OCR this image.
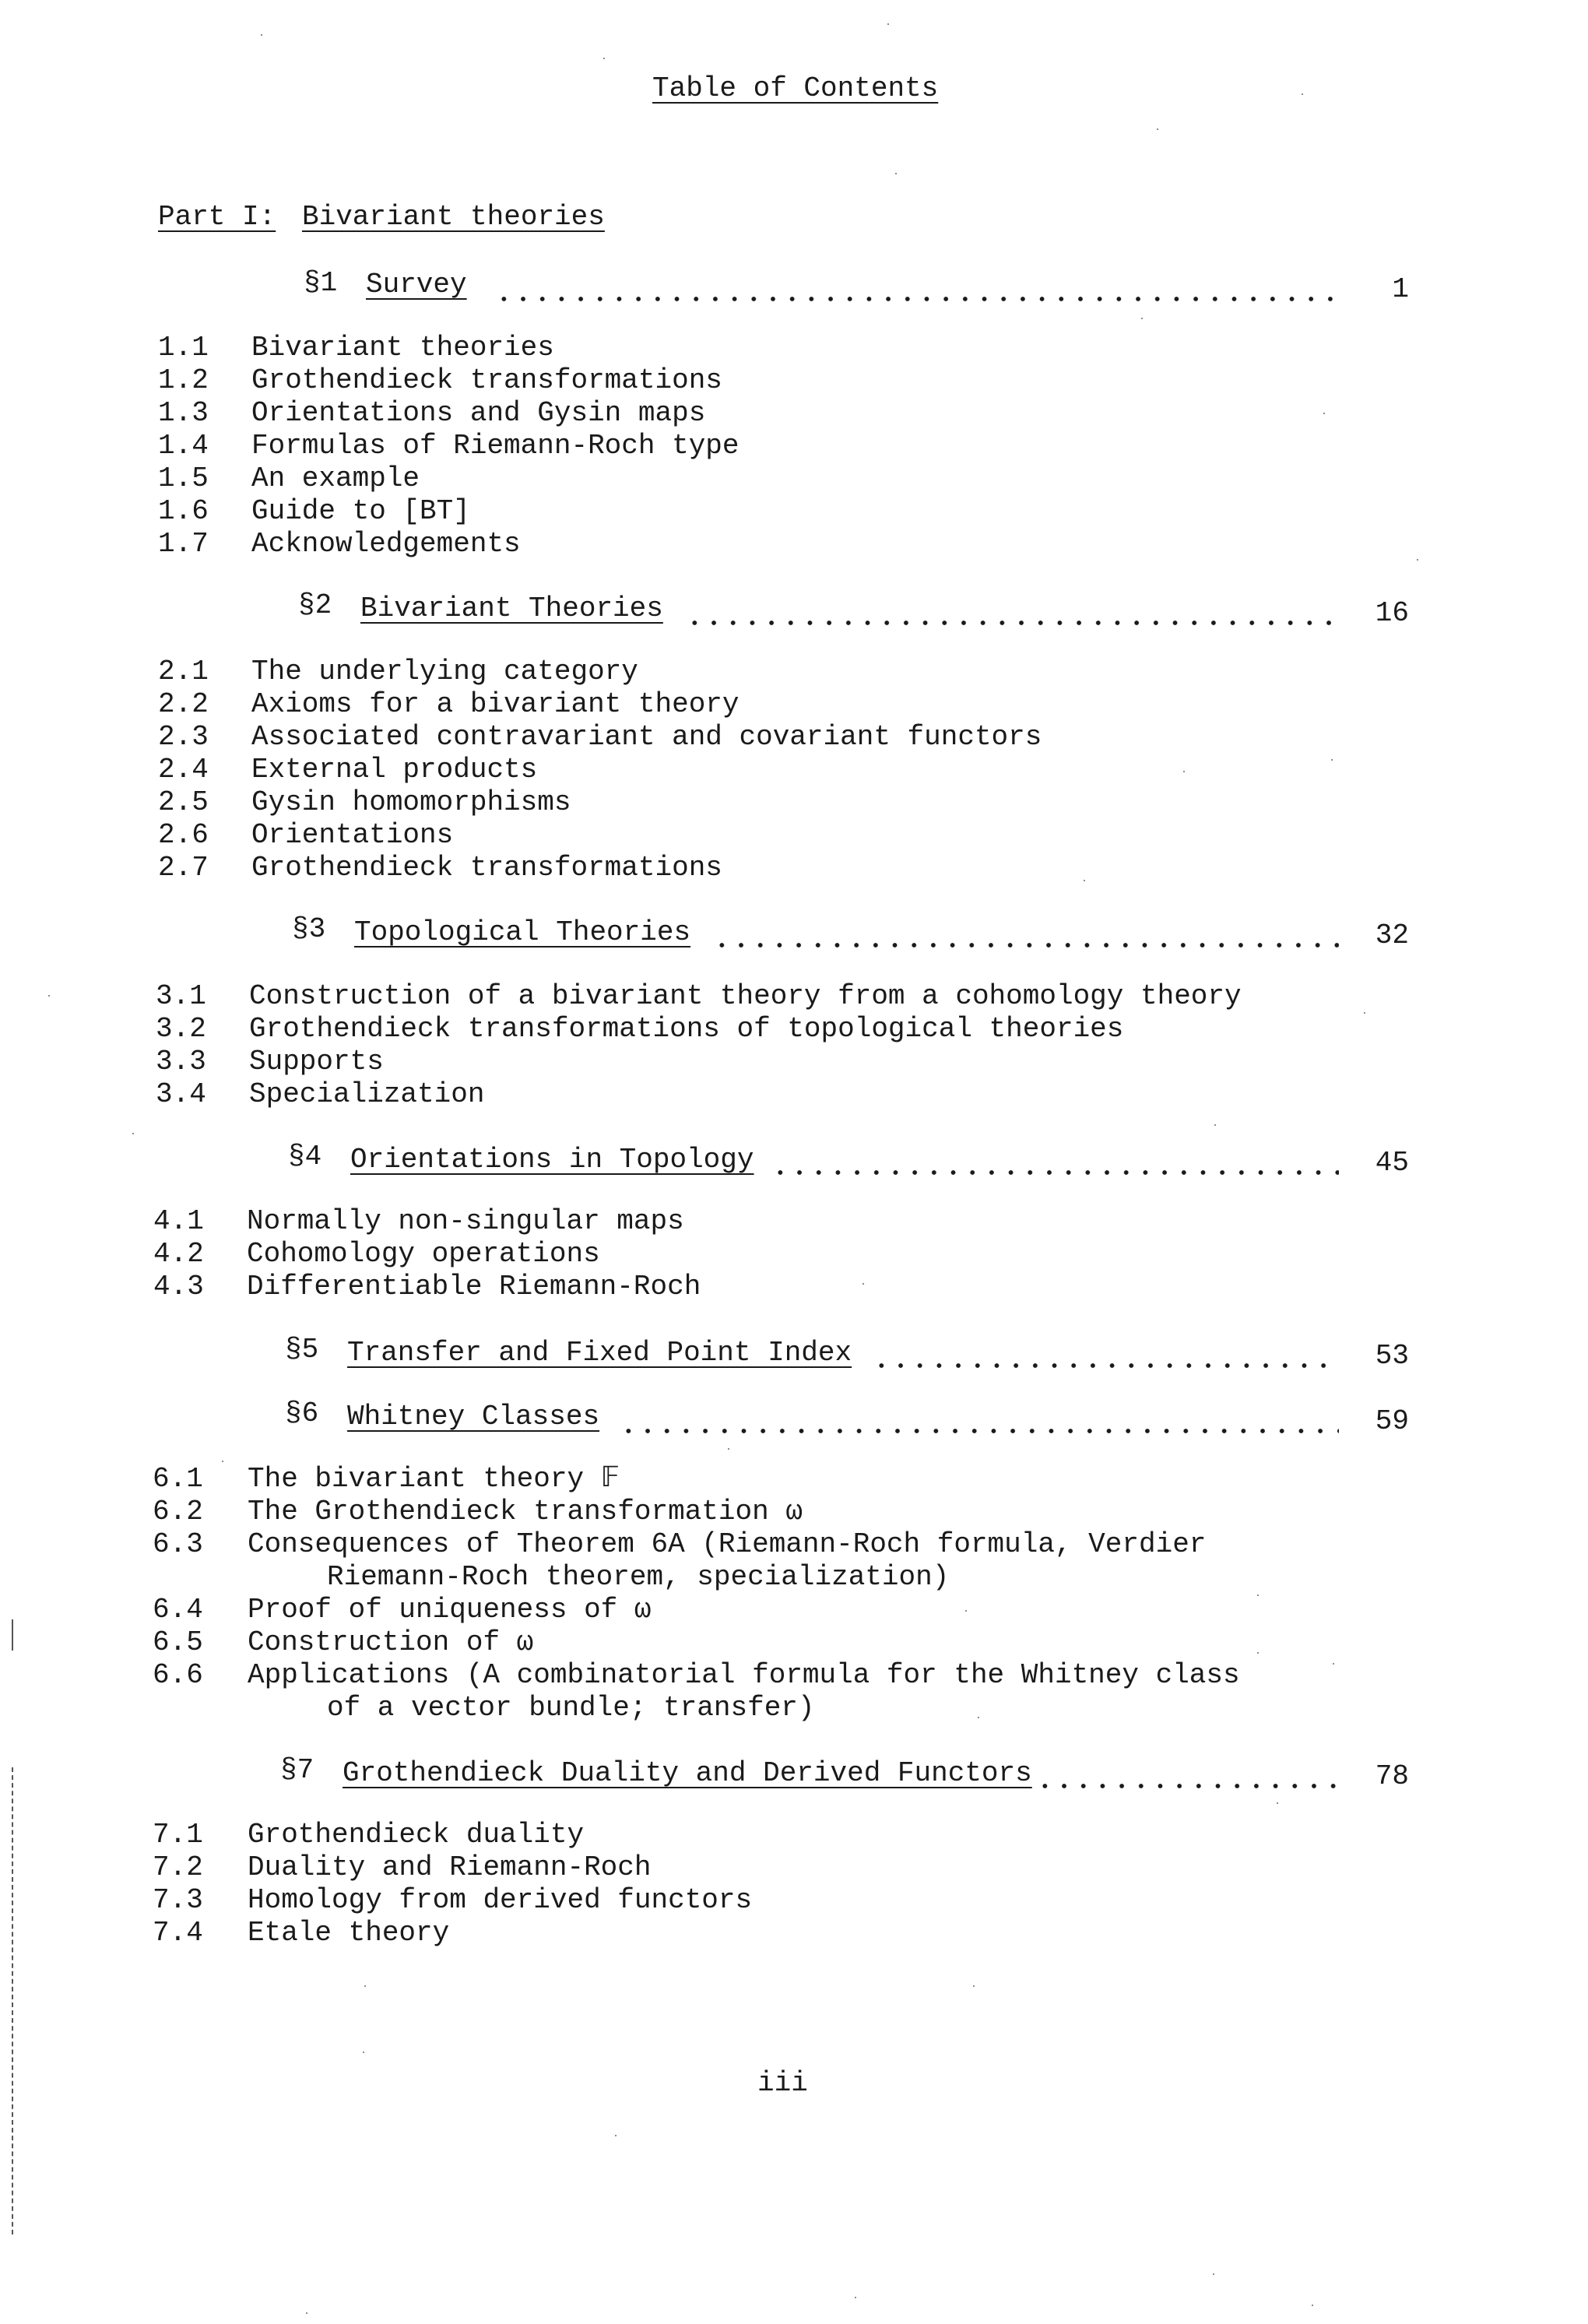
Table of Contents
Part I: Bivariant theories
§1 Survey	1
1.1 Bivariant theories
1.2 Grothendieck transformations
1.3 Orientations and Gysin maps
1.4 Formulas of Riemann-Roch type
1.5 An example
1.6 Guide to [BT]
1.7 Acknowledgements
§2 Bivariant Theories	16
2.1 The underlying category
2.2 Axioms for a bivariant theory
2.3 Associated contravariant and covariant functors
2.4 External products
2.5 Gysin homomorphisms
2.6 Orientations
2.7 Grothendieck transformations
§3 Topological Theories	32
3.1 Construction of a bivariant theory from a cohomology theory
3.2 Grothendieck transformations of topological theories
3.3 Supports
3.4 Specialization
§4 Orientations in Topology	45
4.1 Normally non-singular maps
4.2 Cohomology operations
4.3 Differentiable Riemann-Roch
§5 Transfer and Fixed Point Index	53
§6 Whitney Classes	59
6.1 The bivariant theory 𝔽
6.2 The Grothendieck transformation ω
6.3 Consequences of Theorem 6A (Riemann-Roch formula, Verdier
Riemann-Roch theorem, specialization)
6.4 Proof of uniqueness of ω
6.5 Construction of ω
6.6 Applications (A combinatorial formula for the Whitney class
of a vector bundle; transfer)
§7 Grothendieck Duality and Derived Functors	78
7.1 Grothendieck duality
7.2 Duality and Riemann-Roch
7.3 Homology from derived functors
7.4 Etale theory
iii
